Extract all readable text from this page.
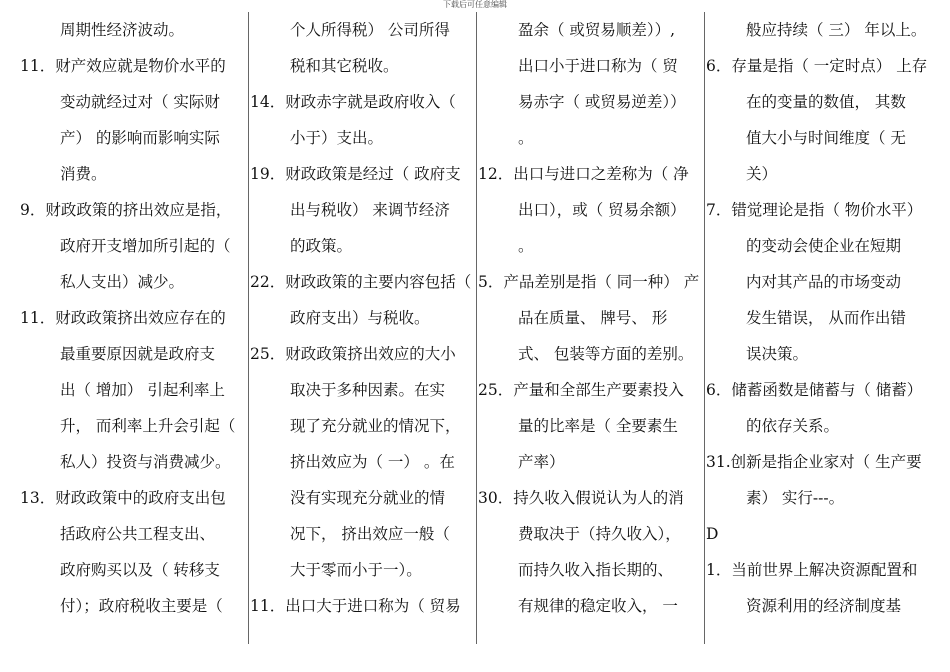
下载后可任意编辑
周期性经济波动。
11．财产效应就是物价水平的
变动就经过对（ 实际财
产） 的影响而影响实际
消费。
9．财政政策的挤出效应是指，
政府开支增加所引起的（
私人支出）减少。
11．财政政策挤出效应存在的
最重要原因就是政府支
出（ 增加） 引起利率上
升， 而利率上升会引起（
私人）投资与消费减少。
13．财政政策中的政府支出包
括政府公共工程支出、
政府购买以及（ 转移支
付）；政府税收主要是（
个人所得税） 公司所得
税和其它税收。
14．财政赤字就是政府收入（
小于）支出。
19．财政政策是经过（ 政府支
出与税收） 来调节经济
的政策。
22．财政政策的主要内容包括（
政府支出）与税收。
25．财政政策挤出效应的大小
取决于多种因素。在实
现了充分就业的情况下，
挤出效应为（ 一） 。在
没有实现充分就业的情
况下， 挤出效应一般（
大于零而小于一）。
11．出口大于进口称为（ 贸易
盈余（ 或贸易顺差））,
出口小于进口称为（ 贸
易赤字（ 或贸易逆差））
。
12．出口与进口之差称为（ 净
出口），或（ 贸易余额）
。
5．产品差别是指（ 同一种） 产
品在质量、 牌号、 形
式、 包装等方面的差别。
25．产量和全部生产要素投入
量的比率是（ 全要素生
产率）
30．持久收入假说认为人的消
费取决于（持久收入），
而持久收入指长期的、
有规律的稳定收入， 一
般应持续（ 三） 年以上。
6．存量是指（ 一定时点） 上存
在的变量的数值， 其数
值大小与时间维度（ 无
关）
7．错觉理论是指（ 物价水平）
的变动会使企业在短期
内对其产品的市场变动
发生错误， 从而作出错
误决策。
6．储蓄函数是储蓄与（ 储蓄）
的依存关系。
31.创新是指企业家对（ 生产要
素） 实行---。
D
1．当前世界上解决资源配置和
资源利用的经济制度基
